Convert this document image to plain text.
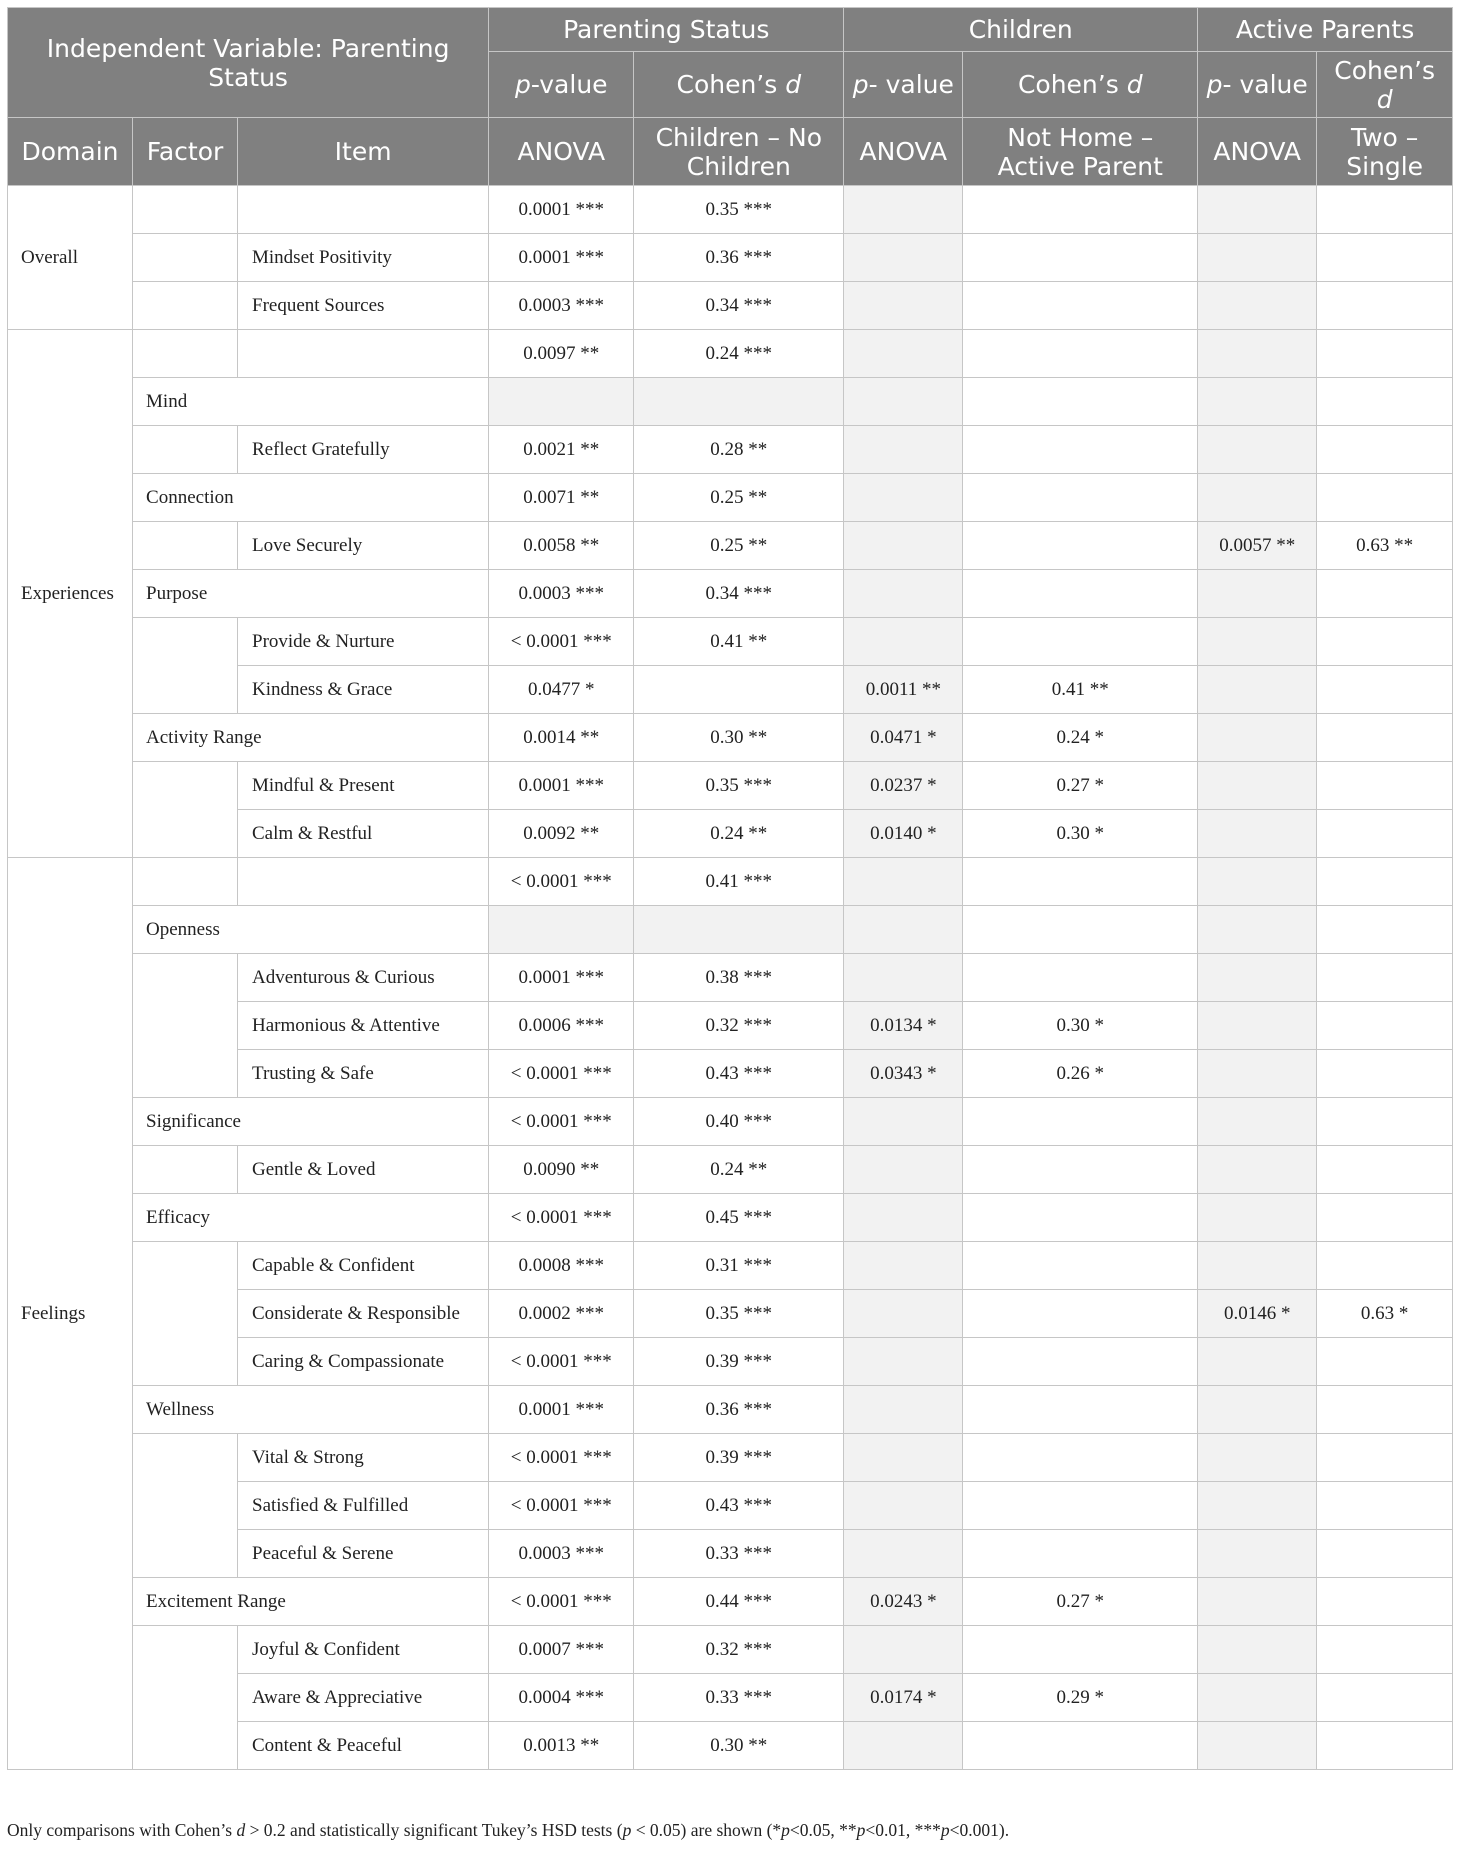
Independent Variable: Parenting Status			Parenting Status		Children		Active Parents	
			p-value	Cohen’s d	p- value	Cohen’s d	p- value	Cohen’s d
Domain	Factor	Item	ANOVA	Children – No Children	ANOVA	Not Home – Active Parent	ANOVA	Two – Single
Overall			0.0001 ***	0.35 ***				
		Mindset Positivity	0.0001 ***	0.36 ***				
		Frequent Sources	0.0003 ***	0.34 ***				
Experiences			0.0097 **	0.24 ***				
	Mind							
		Reflect Gratefully	0.0021 **	0.28 **				
	Connection		0.0071 **	0.25 **				
		Love Securely	0.0058 **	0.25 **			0.0057 **	0.63 **
	Purpose		0.0003 ***	0.34 ***				
		Provide & Nurture	< 0.0001 ***	0.41 **				
		Kindness & Grace	0.0477 *		0.0011 **	0.41 **		
	Activity Range		0.0014 **	0.30 **	0.0471 *	0.24 *		
		Mindful & Present	0.0001 ***	0.35 ***	0.0237 *	0.27 *		
		Calm & Restful	0.0092 **	0.24 **	0.0140 *	0.30 *		
Feelings			< 0.0001 ***	0.41 ***				
	Openness							
		Adventurous & Curious	0.0001 ***	0.38 ***				
		Harmonious & Attentive	0.0006 ***	0.32 ***	0.0134 *	0.30 *		
		Trusting & Safe	< 0.0001 ***	0.43 ***	0.0343 *	0.26 *		
	Significance		< 0.0001 ***	0.40 ***				
		Gentle & Loved	0.0090 **	0.24 **				
	Efficacy		< 0.0001 ***	0.45 ***				
		Capable & Confident	0.0008 ***	0.31 ***				
		Considerate & Responsible	0.0002 ***	0.35 ***			0.0146 *	0.63 *
		Caring & Compassionate	< 0.0001 ***	0.39 ***				
	Wellness		0.0001 ***	0.36 ***				
		Vital & Strong	< 0.0001 ***	0.39 ***				
		Satisfied & Fulfilled	< 0.0001 ***	0.43 ***				
		Peaceful & Serene	0.0003 ***	0.33 ***				
	Excitement Range		< 0.0001 ***	0.44 ***	0.0243 *	0.27 *		
		Joyful & Confident	0.0007 ***	0.32 ***				
		Aware & Appreciative	0.0004 ***	0.33 ***	0.0174 *	0.29 *		
		Content & Peaceful	0.0013 **	0.30 **				
Only comparisons with Cohen’s d > 0.2 and statistically significant Tukey’s HSD tests (p < 0.05) are shown (*p<0.05, **p<0.01, ***p<0.001).
